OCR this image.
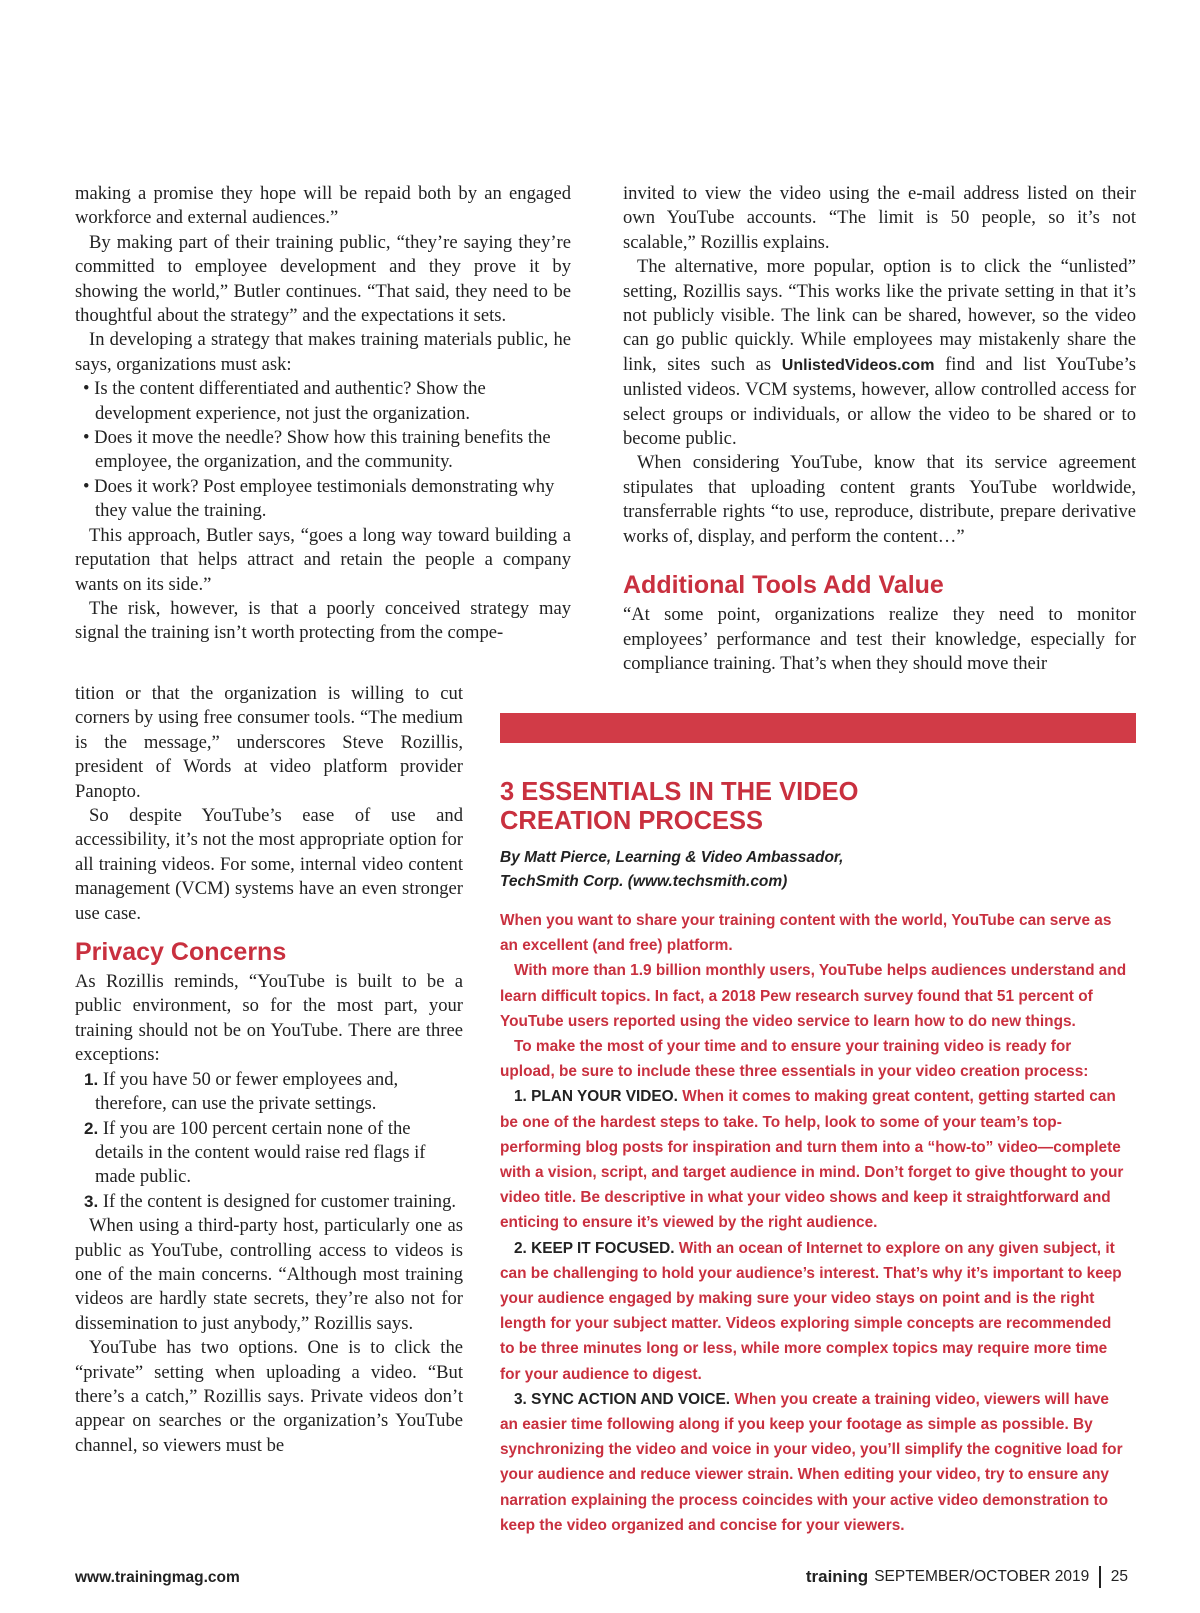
making a promise they hope will be repaid both by an engaged workforce and external audiences.”

By making part of their training public, “they’re saying they’re committed to employee development and they prove it by showing the world,” Butler continues. “That said, they need to be thoughtful about the strategy” and the expectations it sets.

In developing a strategy that makes training materials public, he says, organizations must ask:

• Is the content differentiated and authentic? Show the development experience, not just the organization.
• Does it move the needle? Show how this training benefits the employee, the organization, and the community.
• Does it work? Post employee testimonials demonstrating why they value the training.

This approach, Butler says, “goes a long way toward building a reputation that helps attract and retain the people a company wants on its side.”

The risk, however, is that a poorly conceived strategy may signal the training isn’t worth protecting from the compe-

tition or that the organization is willing to cut corners by using free consumer tools. “The medium is the message,” underscores Steve Rozillis, president of Words at video platform provider Panopto.

So despite YouTube’s ease of use and accessibility, it’s not the most appropriate option for all training videos. For some, internal video content management (VCM) systems have an even stronger use case.

Privacy Concerns

As Rozillis reminds, “YouTube is built to be a public environment, so for the most part, your training should not be on YouTube. There are three exceptions:

1. If you have 50 or fewer employees and, therefore, can use the private settings.
2. If you are 100 percent certain none of the details in the content would raise red flags if made public.
3. If the content is designed for customer training.

When using a third-party host, particularly one as public as YouTube, controlling access to videos is one of the main concerns. “Although most training videos are hardly state secrets, they’re also not for dissemination to just anybody,” Rozillis says.

YouTube has two options. One is to click the “private” setting when uploading a video. “But there’s a catch,” Rozillis says. Private videos don’t appear on searches or the organization’s YouTube channel, so viewers must be

invited to view the video using the e-mail address listed on their own YouTube accounts. “The limit is 50 people, so it’s not scalable,” Rozillis explains.

The alternative, more popular, option is to click the “unlisted” setting, Rozillis says. “This works like the private setting in that it’s not publicly visible. The link can be shared, however, so the video can go public quickly. While employees may mistakenly share the link, sites such as UnlistedVideos.com find and list YouTube’s unlisted videos. VCM systems, however, allow controlled access for select groups or individuals, or allow the video to be shared or to become public.

When considering YouTube, know that its service agreement stipulates that uploading content grants YouTube worldwide, transferrable rights “to use, reproduce, distribute, prepare derivative works of, display, and perform the content…”

Additional Tools Add Value

“At some point, organizations realize they need to monitor employees’ performance and test their knowledge, especially for compliance training. That’s when they should move their

3 ESSENTIALS IN THE VIDEO
CREATION PROCESS
By Matt Pierce, Learning & Video Ambassador,
TechSmith Corp. (www.techsmith.com)

When you want to share your training content with the world, YouTube can serve as an excellent (and free) platform.

With more than 1.9 billion monthly users, YouTube helps audiences understand and learn difficult topics. In fact, a 2018 Pew research survey found that 51 percent of YouTube users reported using the video service to learn how to do new things.

To make the most of your time and to ensure your training video is ready for upload, be sure to include these three essentials in your video creation process:

1. PLAN YOUR VIDEO. When it comes to making great content, getting started can be one of the hardest steps to take. To help, look to some of your team’s top-performing blog posts for inspiration and turn them into a “how-to” video—complete with a vision, script, and target audience in mind. Don’t forget to give thought to your video title. Be descriptive in what your video shows and keep it straightforward and enticing to ensure it’s viewed by the right audience.

2. KEEP IT FOCUSED. With an ocean of Internet to explore on any given subject, it can be challenging to hold your audience’s interest. That’s why it’s important to keep your audience engaged by making sure your video stays on point and is the right length for your subject matter. Videos exploring simple concepts are recommended to be three minutes long or less, while more complex topics may require more time for your audience to digest.

3. SYNC ACTION AND VOICE. When you create a training video, viewers will have an easier time following along if you keep your footage as simple as possible. By synchronizing the video and voice in your video, you’ll simplify the cognitive load for your audience and reduce viewer strain. When editing your video, try to ensure any narration explaining the process coincides with your active video demonstration to keep the video organized and concise for your viewers.

www.trainingmag.com	training SEPTEMBER/OCTOBER 2019 25
